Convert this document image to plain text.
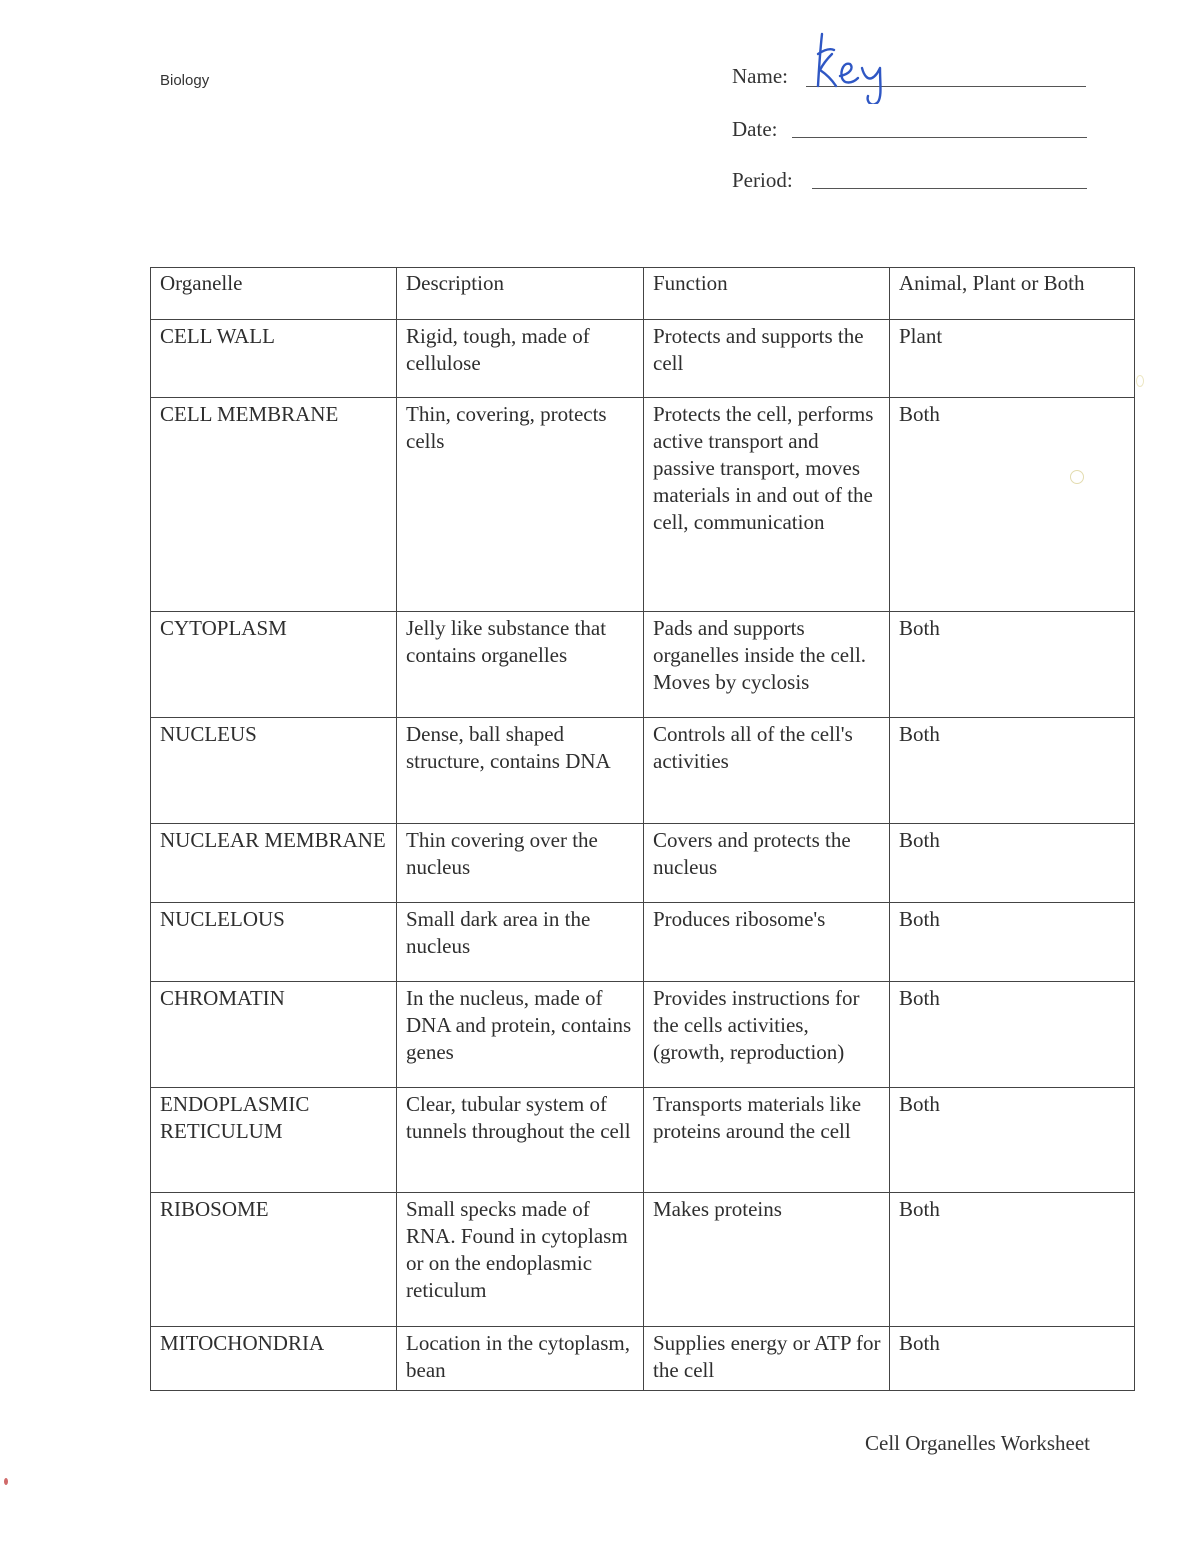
Biology	Name:
Date:
Period:
Organelle	Description	Function	Animal, Plant or Both
CELL WALL	Rigid, tough, made of cellulose	Protects and supports the cell	Plant
CELL MEMBRANE	Thin, covering, protects cells	Protects the cell, performs active transport and passive transport, moves materials in and out of the cell, communication	Both
CYTOPLASM	Jelly like substance that contains organelles	Pads and supports organelles inside the cell. Moves by cyclosis	Both
NUCLEUS	Dense, ball shaped structure, contains DNA	Controls all of the cell's activities	Both
NUCLEAR MEMBRANE	Thin covering over the nucleus	Covers and protects the nucleus	Both
NUCLELOUS	Small dark area in the nucleus	Produces ribosome's	Both
CHROMATIN	In the nucleus, made of DNA and protein, contains genes	Provides instructions for the cells activities, (growth, reproduction)	Both
ENDOPLASMIC RETICULUM	Clear, tubular system of tunnels throughout the cell	Transports materials like proteins around the cell	Both
RIBOSOME	Small specks made of RNA. Found in cytoplasm or on the endoplasmic reticulum	Makes proteins	Both
MITOCHONDRIA	Location in the cytoplasm, bean	Supplies energy or ATP for the cell	Both
Cell Organelles Worksheet
